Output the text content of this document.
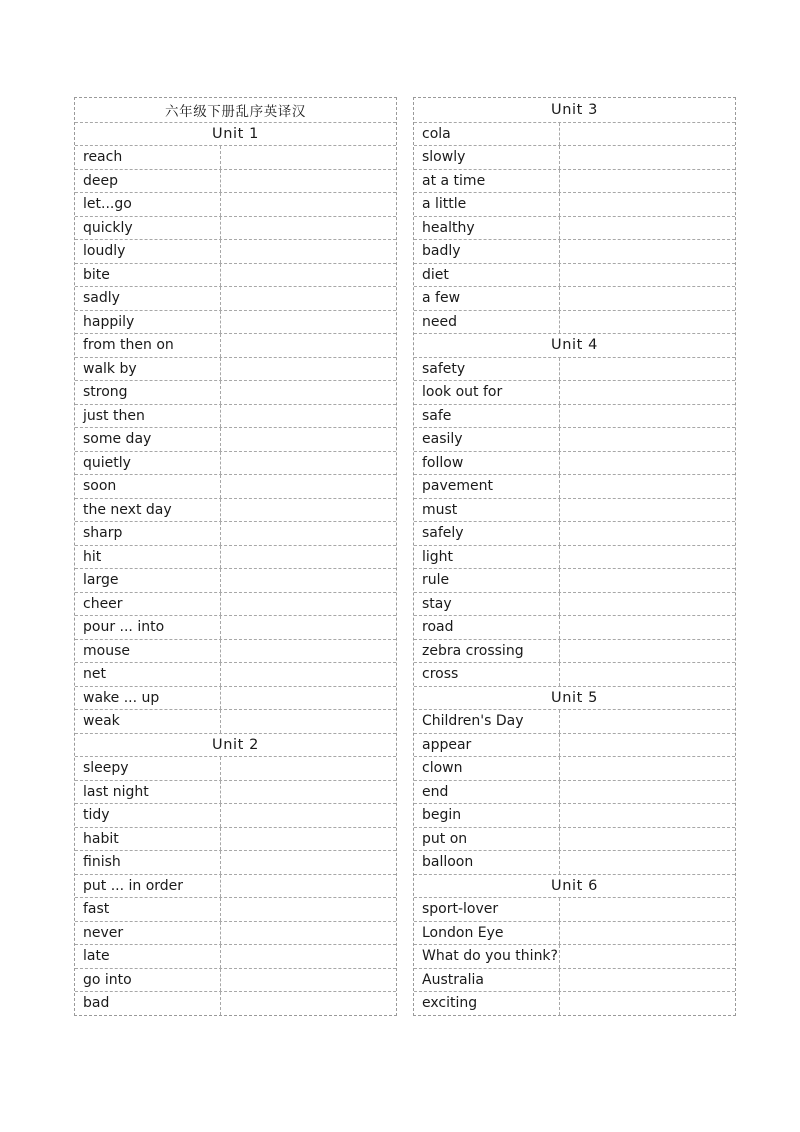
六年级下册乱序英译汉
Unit 1
reach
deep
let...go
quickly
loudly
bite
sadly
happily
from then on
walk by
strong
just then
some day
quietly
soon
the next day
sharp
hit
large
cheer
pour ... into
mouse
net
wake ... up
weak
Unit 2
sleepy
last night
tidy
habit
finish
put ... in order
fast
never
late
go into
bad
Unit 3
cola
slowly
at a time
a little
healthy
badly
diet
a few
need
Unit 4
safety
look out for
safe
easily
follow
pavement
must
safely
light
rule
stay
road
zebra crossing
cross
Unit 5
Children's Day
appear
clown
end
begin
put on
balloon
Unit 6
sport-lover
London Eye
What do you think?
Australia
exciting
